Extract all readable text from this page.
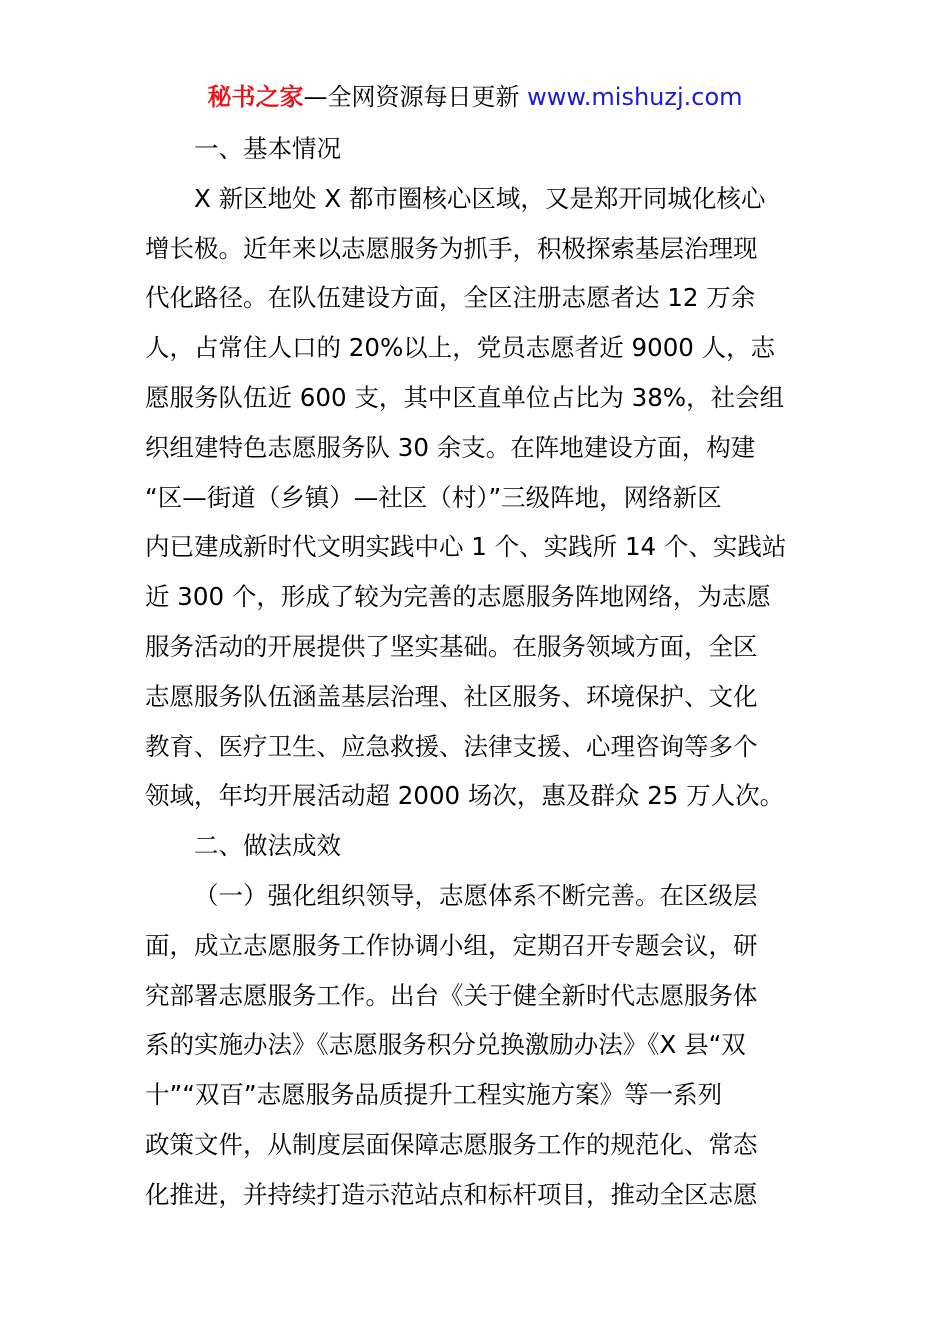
秘书之家—全网资源每日更新 www.mishuzj.com
一、基本情况
X 新区地处 X 都市圈核心区域，又是郑开同城化核心
增长极。近年来以志愿服务为抓手，积极探索基层治理现
代化路径。在队伍建设方面，全区注册志愿者达 12 万余
人，占常住人口的 20%以上，党员志愿者近 9000 人，志
愿服务队伍近 600 支，其中区直单位占比为 38%，社会组
织组建特色志愿服务队 30 余支。在阵地建设方面，构建
“区—街道（乡镇）—社区（村）”三级阵地，网络新区
内已建成新时代文明实践中心 1 个、实践所 14 个、实践站
近 300 个，形成了较为完善的志愿服务阵地网络，为志愿
服务活动的开展提供了坚实基础。在服务领域方面，全区
志愿服务队伍涵盖基层治理、社区服务、环境保护、文化
教育、医疗卫生、应急救援、法律支援、心理咨询等多个
领域，年均开展活动超 2000 场次，惠及群众 25 万人次。
二、做法成效
（一）强化组织领导，志愿体系不断完善。在区级层
面，成立志愿服务工作协调小组，定期召开专题会议，研
究部署志愿服务工作。出台《关于健全新时代志愿服务体
系的实施办法》《志愿服务积分兑换激励办法》《X 县“双
十”“双百”志愿服务品质提升工程实施方案》等一系列
政策文件，从制度层面保障志愿服务工作的规范化、常态
化推进，并持续打造示范站点和标杆项目，推动全区志愿
